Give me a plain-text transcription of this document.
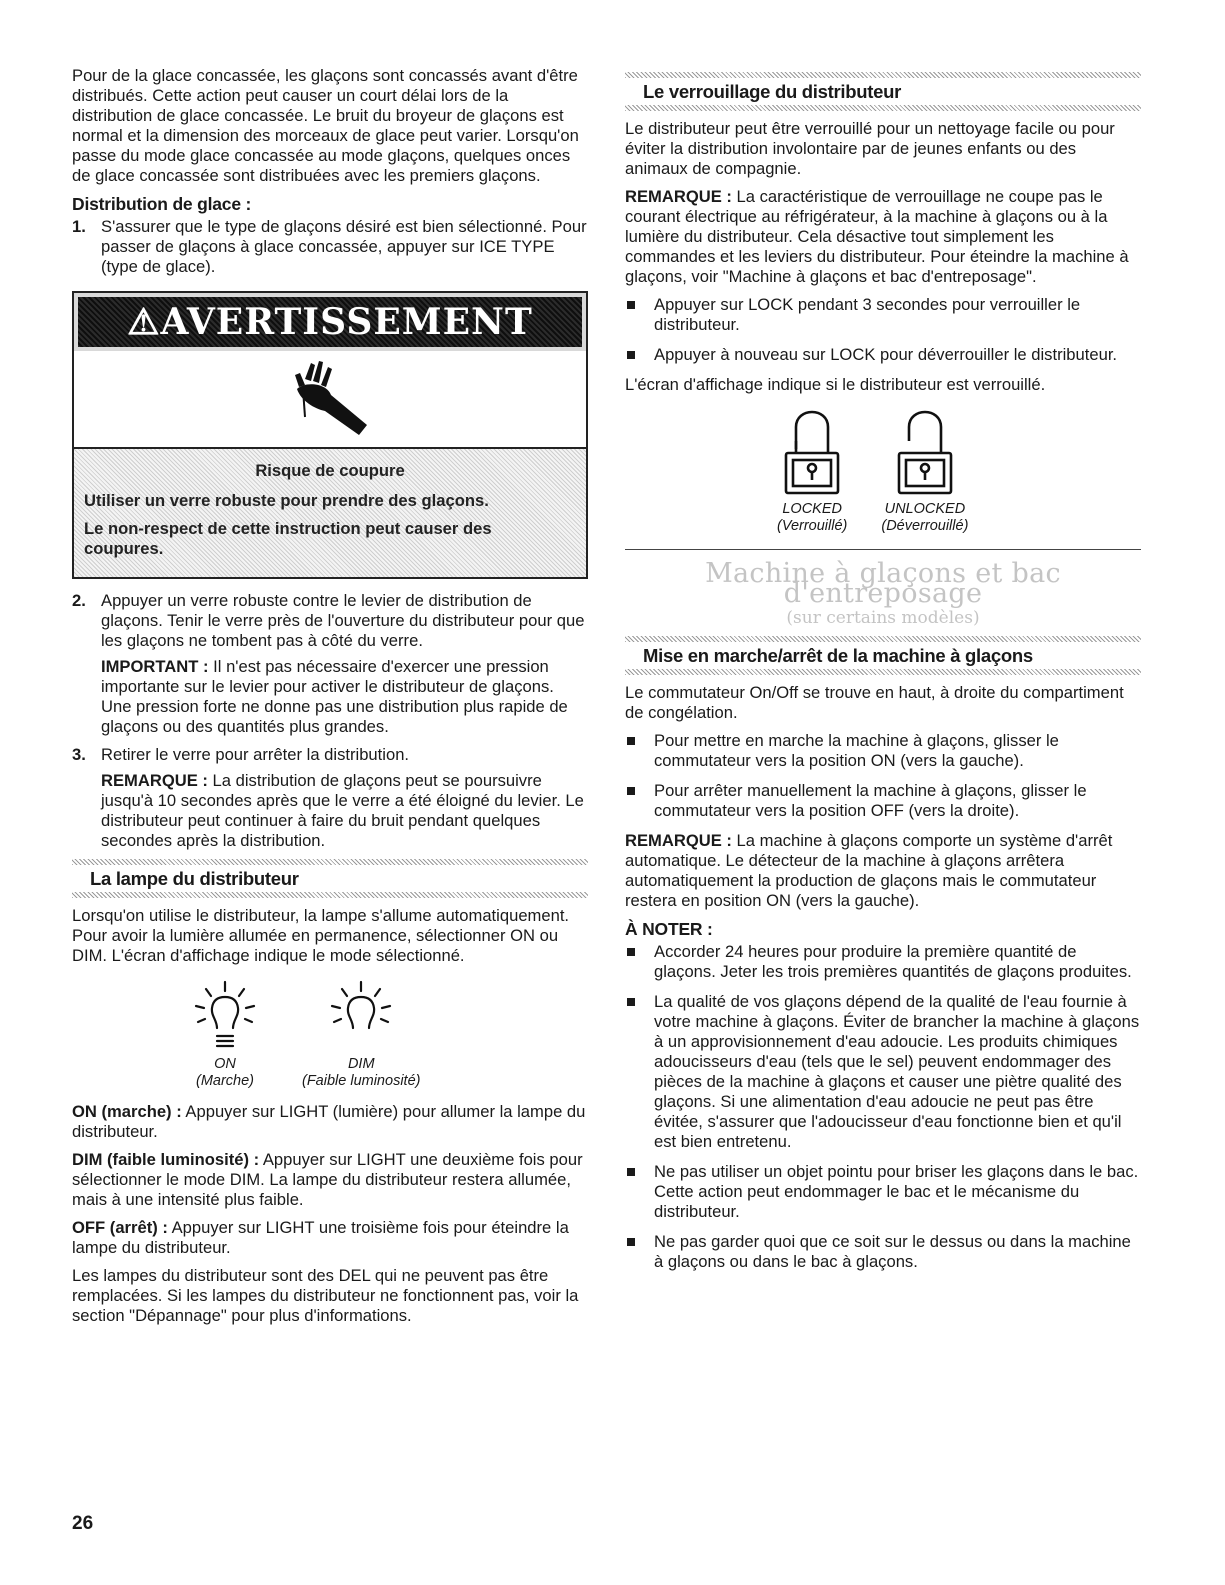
Pour de la glace concassée, les glaçons sont concassés avant d'être distribués. Cette action peut causer un court délai lors de la distribution de glace concassée. Le bruit du broyeur de glaçons est normal et la dimension des morceaux de glace peut varier. Lorsqu'on passe du mode glace concassée au mode glaçons, quelques onces de glace concassée sont distribuées avec les premiers glaçons.

Distribution de glace :
1. S'assurer que le type de glaçons désiré est bien sélectionné. Pour passer de glaçons à glace concassée, appuyer sur ICE TYPE (type de glace).

⚠AVERTISSEMENT
Risque de coupure

Utiliser un verre robuste pour prendre des glaçons.

Le non-respect de cette instruction peut causer des coupures.

2. Appuyer un verre robuste contre le levier de distribution de glaçons. Tenir le verre près de l'ouverture du distributeur pour que les glaçons ne tombent pas à côté du verre.

IMPORTANT : Il n'est pas nécessaire d'exercer une pression importante sur le levier pour activer le distributeur de glaçons. Une pression forte ne donne pas une distribution plus rapide de glaçons ou des quantités plus grandes.

3. Retirer le verre pour arrêter la distribution.

REMARQUE : La distribution de glaçons peut se poursuivre jusqu'à 10 secondes après que le verre a été éloigné du levier. Le distributeur peut continuer à faire du bruit pendant quelques secondes après la distribution.

La lampe du distributeur

Lorsqu'on utilise le distributeur, la lampe s'allume automatiquement. Pour avoir la lumière allumée en permanence, sélectionner ON ou DIM. L'écran d'affichage indique le mode sélectionné.

ON
(Marche)
DIM
(Faible luminosité)

ON (marche) : Appuyer sur LIGHT (lumière) pour allumer la lampe du distributeur.

DIM (faible luminosité) : Appuyer sur LIGHT une deuxième fois pour sélectionner le mode DIM. La lampe du distributeur restera allumée, mais à une intensité plus faible.

OFF (arrêt) : Appuyer sur LIGHT une troisième fois pour éteindre la lampe du distributeur.

Les lampes du distributeur sont des DEL qui ne peuvent pas être remplacées. Si les lampes du distributeur ne fonctionnent pas, voir la section "Dépannage" pour plus d'informations.

Le verrouillage du distributeur

Le distributeur peut être verrouillé pour un nettoyage facile ou pour éviter la distribution involontaire par de jeunes enfants ou des animaux de compagnie.

REMARQUE : La caractéristique de verrouillage ne coupe pas le courant électrique au réfrigérateur, à la machine à glaçons ou à la lumière du distributeur. Cela désactive tout simplement les commandes et les leviers du distributeur. Pour éteindre la machine à glaçons, voir "Machine à glaçons et bac d'entreposage".

Appuyer sur LOCK pendant 3 secondes pour verrouiller le distributeur.
Appuyer à nouveau sur LOCK pour déverrouiller le distributeur.

L'écran d'affichage indique si le distributeur est verrouillé.

LOCKED
(Verrouillé)
UNLOCKED
(Déverrouillé)
Machine à glaçons et bac d'entreposage
(sur certains modèles)
Mise en marche/arrêt de la machine à glaçons

Le commutateur On/Off se trouve en haut, à droite du compartiment de congélation.

Pour mettre en marche la machine à glaçons, glisser le commutateur vers la position ON (vers la gauche).
Pour arrêter manuellement la machine à glaçons, glisser le commutateur vers la position OFF (vers la droite).

REMARQUE : La machine à glaçons comporte un système d'arrêt automatique. Le détecteur de la machine à glaçons arrêtera automatiquement la production de glaçons mais le commutateur restera en position ON (vers la gauche).

À NOTER :
Accorder 24 heures pour produire la première quantité de glaçons. Jeter les trois premières quantités de glaçons produites.
La qualité de vos glaçons dépend de la qualité de l'eau fournie à votre machine à glaçons. Éviter de brancher la machine à glaçons à un approvisionnement d'eau adoucie. Les produits chimiques adoucisseurs d'eau (tels que le sel) peuvent endommager des pièces de la machine à glaçons et causer une piètre qualité des glaçons. Si une alimentation d'eau adoucie ne peut pas être évitée, s'assurer que l'adoucisseur d'eau fonctionne bien et qu'il est bien entretenu.
Ne pas utiliser un objet pointu pour briser les glaçons dans le bac. Cette action peut endommager le bac et le mécanisme du distributeur.
Ne pas garder quoi que ce soit sur le dessus ou dans la machine à glaçons ou dans le bac à glaçons.
26
